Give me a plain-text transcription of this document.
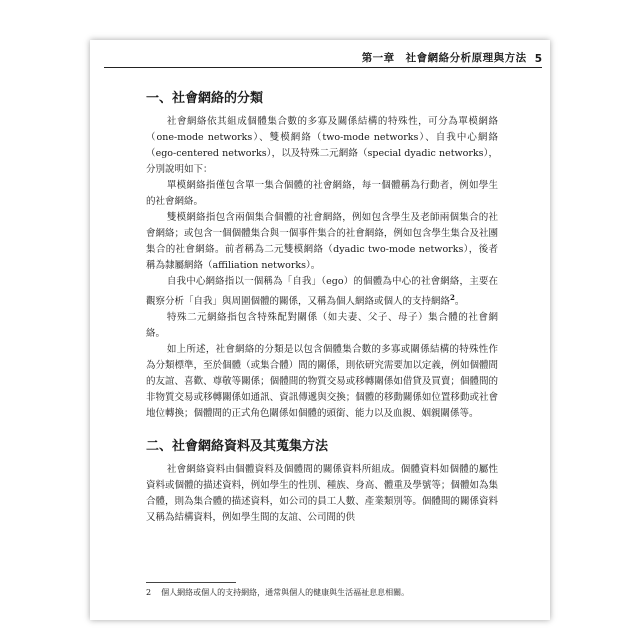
第一章　社會網絡分析原理與方法 5
一、社會網絡的分類

社會網絡依其組成個體集合數的多寡及關係結構的特殊性，可分為單模網絡（one-mode networks）、雙模網絡（two-mode networks）、自我中心網絡（ego-centered networks），以及特殊二元網絡（special dyadic networks），分別說明如下：

單模網絡指僅包含單一集合個體的社會網絡，每一個體稱為行動者，例如學生的社會網絡。

雙模網絡指包含兩個集合個體的社會網絡，例如包含學生及老師兩個集合的社會網絡；或包含一個個體集合與一個事件集合的社會網絡，例如包含學生集合及社團集合的社會網絡。前者稱為二元雙模網絡（dyadic two-mode networks），後者稱為隸屬網絡（affiliation networks）。

自我中心網絡指以一個稱為「自我」（ego）的個體為中心的社會網絡，主要在觀察分析「自我」與周圍個體的關係，又稱為個人網絡或個人的支持網絡$^2$。

特殊二元網絡指包含特殊配對關係（如夫妻、父子、母子）集合體的社會網絡。

如上所述，社會網絡的分類是以包含個體集合數的多寡或關係結構的特殊性作為分類標準，至於個體（或集合體）間的關係，則依研究需要加以定義，例如個體間的友誼、喜歡、尊敬等關係；個體間的物質交易或移轉關係如借貸及買賣；個體間的非物質交易或移轉關係如通訊、資訊傳遞與交換；個體的移動關係如位置移動或社會地位轉換；個體間的正式角色關係如個體的頭銜、能力以及血親、姻親關係等。

二、社會網絡資料及其蒐集方法

社會網絡資料由個體資料及個體間的關係資料所組成。個體資料如個體的屬性資料或個體的描述資料，例如學生的性別、種族、身高、體重及學號等；個體如為集合體，則為集合體的描述資料，如公司的員工人數、產業類別等。個體間的關係資料又稱為結構資料，例如學生間的友誼、公司間的供

2 個人網絡或個人的支持網絡，通常與個人的健康與生活福祉息息相關。
